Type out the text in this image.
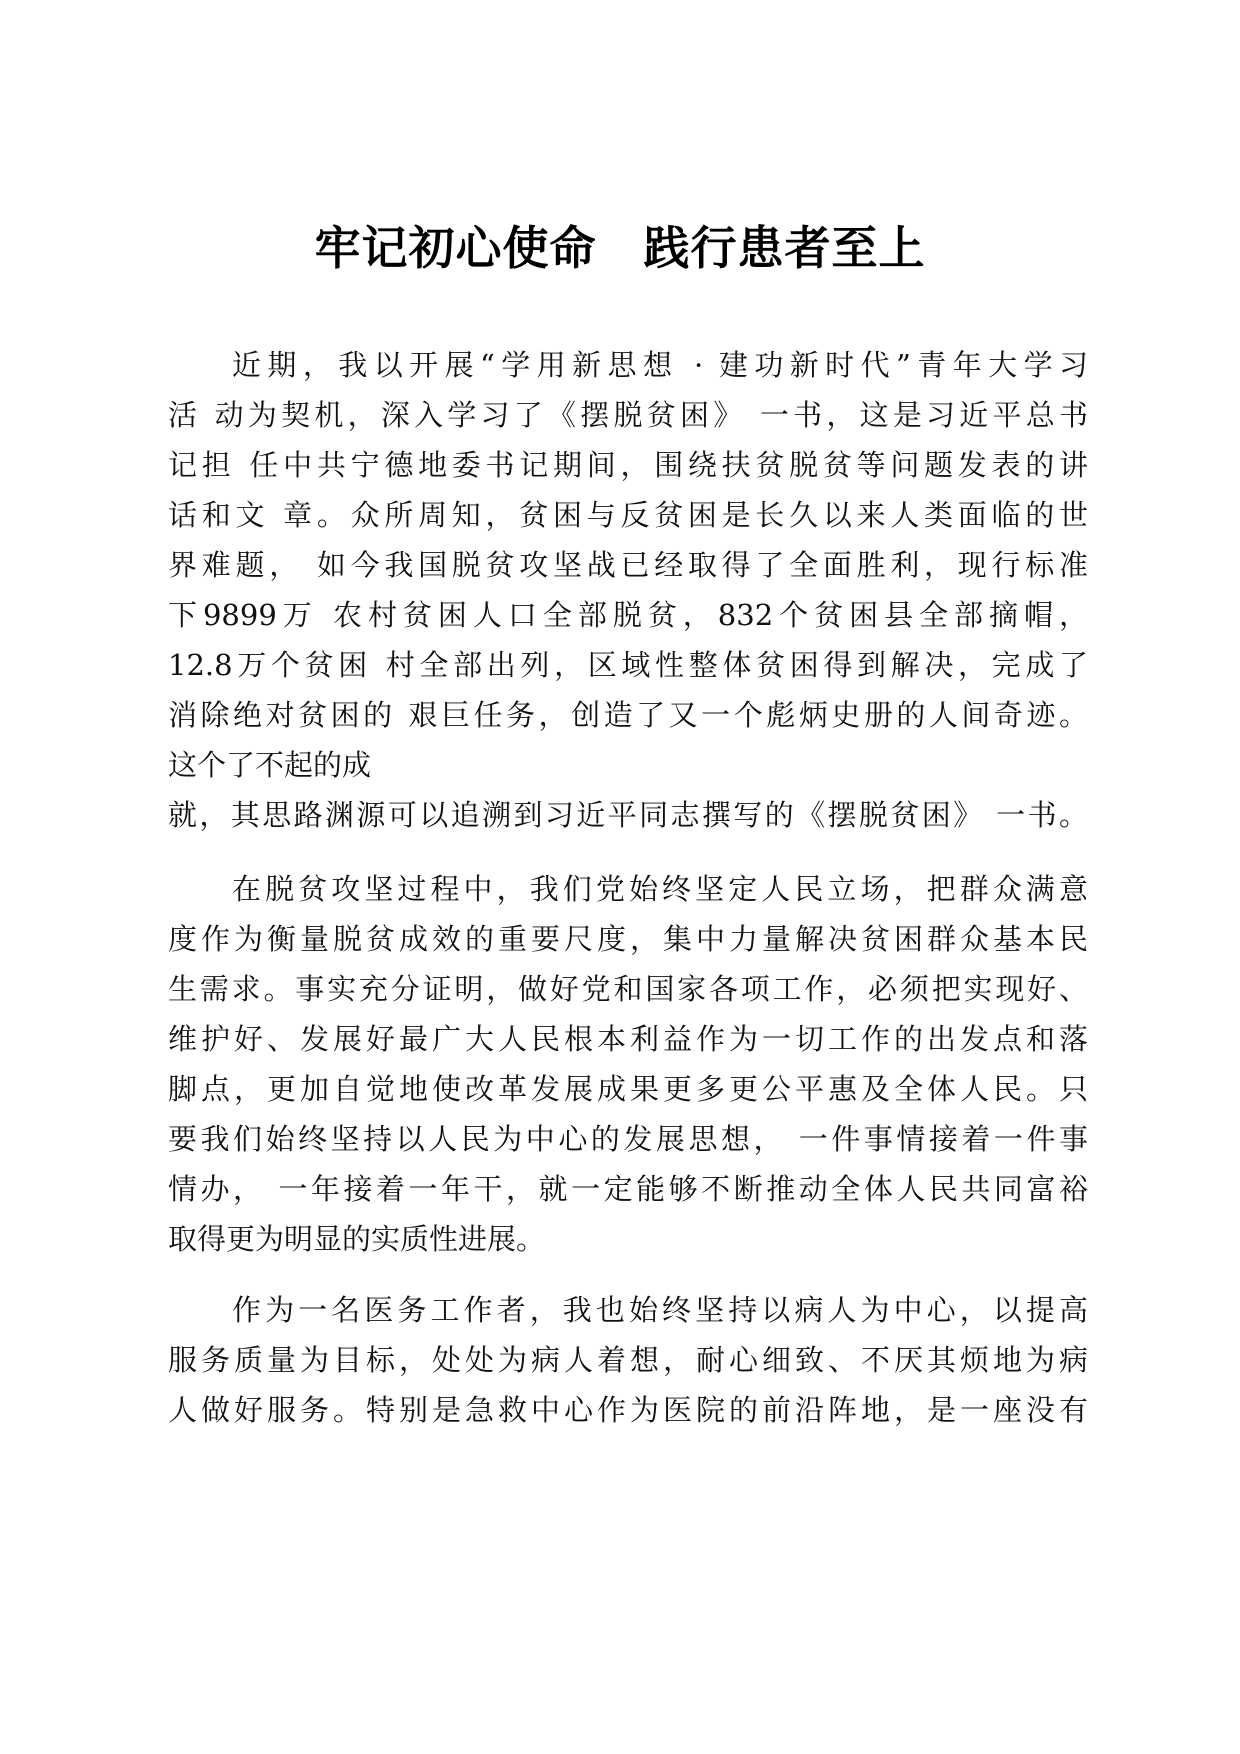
牢记初心使命　践行患者至上
近期，我以开展“学用新思想 · 建功新时代”青年大学习
活 动为契机，深入学习了《摆脱贫困》 一书，这是习近平总书
记担 任中共宁德地委书记期间，围绕扶贫脱贫等问题发表的讲
话和文 章。众所周知，贫困与反贫困是长久以来人类面临的世
界难题， 如今我国脱贫攻坚战已经取得了全面胜利，现行标准
下9899万 农村贫困人口全部脱贫，832个贫困县全部摘帽，
12.8万个贫困 村全部出列，区域性整体贫困得到解决，完成了
消除绝对贫困的 艰巨任务，创造了又一个彪炳史册的人间奇迹。
这个了不起的成
就，其思路渊源可以追溯到习近平同志撰写的《摆脱贫困》 一书。
在脱贫攻坚过程中，我们党始终坚定人民立场，把群众满意
度作为衡量脱贫成效的重要尺度，集中力量解决贫困群众基本民
生需求。事实充分证明，做好党和国家各项工作，必须把实现好、
维护好、发展好最广大人民根本利益作为一切工作的出发点和落
脚点，更加自觉地使改革发展成果更多更公平惠及全体人民。只
要我们始终坚持以人民为中心的发展思想， 一件事情接着一件事
情办， 一年接着一年干，就一定能够不断推动全体人民共同富裕
取得更为明显的实质性进展。
作为一名医务工作者，我也始终坚持以病人为中心，以提高
服务质量为目标，处处为病人着想，耐心细致、不厌其烦地为病
人做好服务。特别是急救中心作为医院的前沿阵地，是一座没有
